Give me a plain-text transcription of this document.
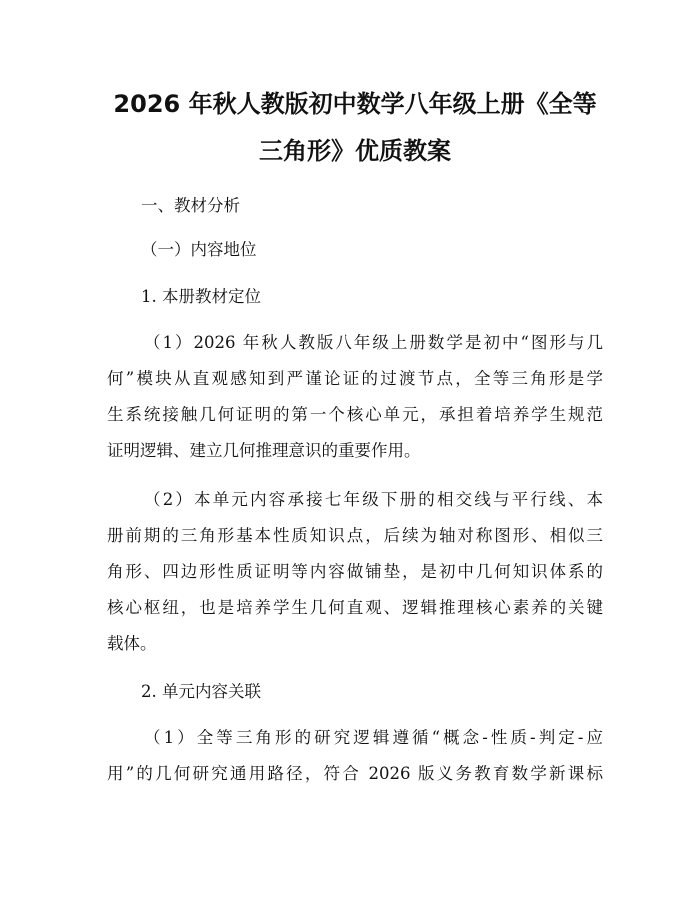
2026 年秋人教版初中数学八年级上册《全等
三角形》优质教案
一、教材分析
（一）内容地位
1. 本册教材定位
（1）2026 年秋人教版八年级上册数学是初中“图形与几
何”模块从直观感知到严谨论证的过渡节点，全等三角形是学
生系统接触几何证明的第一个核心单元，承担着培养学生规范
证明逻辑、建立几何推理意识的重要作用。
（2）本单元内容承接七年级下册的相交线与平行线、本
册前期的三角形基本性质知识点，后续为轴对称图形、相似三
角形、四边形性质证明等内容做铺垫，是初中几何知识体系的
核心枢纽，也是培养学生几何直观、逻辑推理核心素养的关键
载体。
2. 单元内容关联
（1）全等三角形的研究逻辑遵循“概念-性质-判定-应
用”的几何研究通用路径，符合 2026 版义务教育数学新课标
